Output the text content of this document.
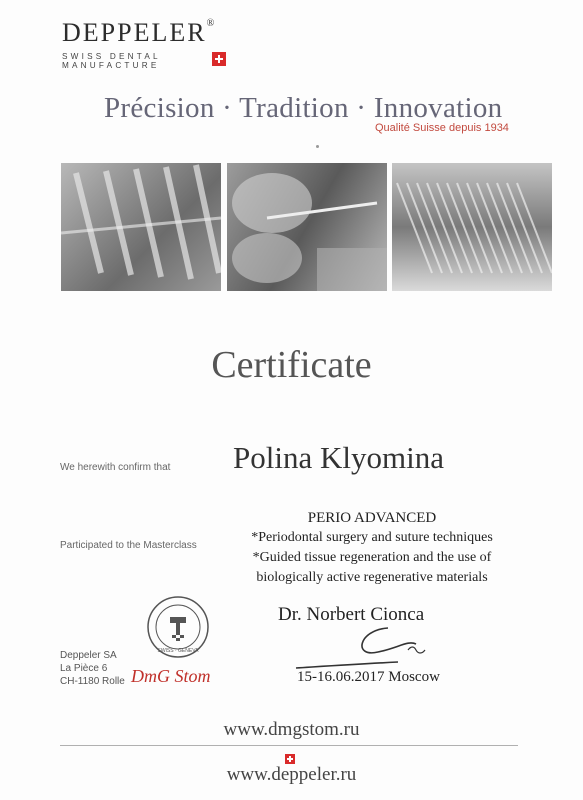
DEPPELER®
SWISS DENTAL MANUFACTURE
Précision · Tradition · Innovation
Qualité Suisse depuis 1934
Certificate
We herewith confirm that Polina Klyomina
Participated to the Masterclass
PERIO ADVANCED
*Periodontal surgery and suture techniques
*Guided tissue regeneration and the use of
biologically active regenerative materials
SWISS · GENEVA
Dr. Norbert Cionca
Deppeler SA
La Pièce 6
CH-1180 Rolle DmG Stom	15-16.06.2017 Moscow
www.dmgstom.ru
www.deppeler.ru
